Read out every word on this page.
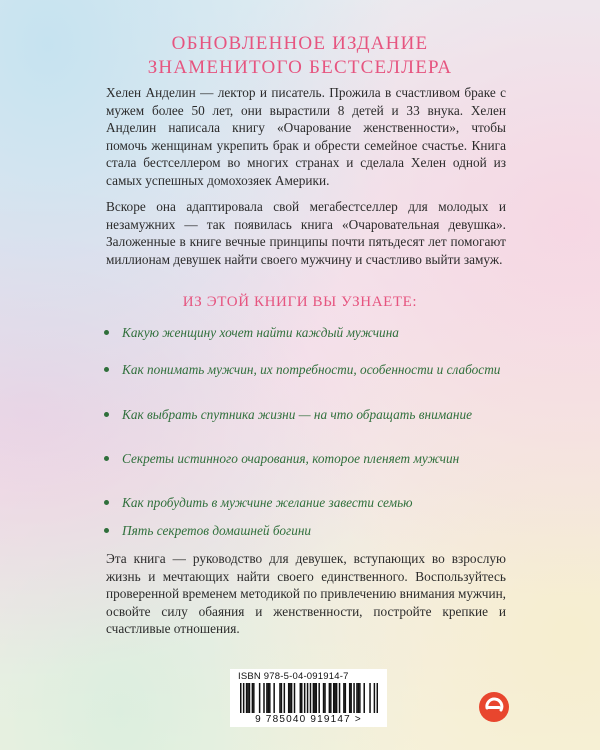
ОБНОВЛЕННОЕ ИЗДАНИЕ
ЗНАМЕНИТОГО БЕСТСЕЛЛЕРА

Хелен Анделин — лектор и писатель. Прожила в счастливом браке с мужем более 50 лет, они вырастили 8 детей и 33 внука. Хелен Анделин написала книгу «Очарование женственности», чтобы помочь женщинам укрепить брак и обрести семейное счастье. Книга стала бестселлером во многих странах и сделала Хелен одной из самых успешных домохозяек Америки.

Вскоре она адаптировала свой мегабестселлер для молодых и незамужних — так появилась книга «Очаровательная девушка». Заложенные в книге вечные принципы почти пятьдесят лет помогают миллионам девушек найти своего мужчину и счастливо выйти замуж.

ИЗ ЭТОЙ КНИГИ ВЫ УЗНАЕТЕ:
Какую женщину хочет найти каждый мужчина
Как понимать мужчин, их потребности, особенности и слабости
Как выбрать спутника жизни — на что обращать внимание
Секреты истинного очарования, которое пленяет мужчин
Как пробудить в мужчине желание завести семью
Пять секретов домашней богини

Эта книга — руководство для девушек, вступающих во взрослую жизнь и мечтающих найти своего единственного. Воспользуйтесь проверенной временем методикой по привлечению внимания мужчин, освойте силу обаяния и женственности, постройте крепкие и счастливые отношения.

ISBN 978-5-04-091914-7
9 785040 919147 >
